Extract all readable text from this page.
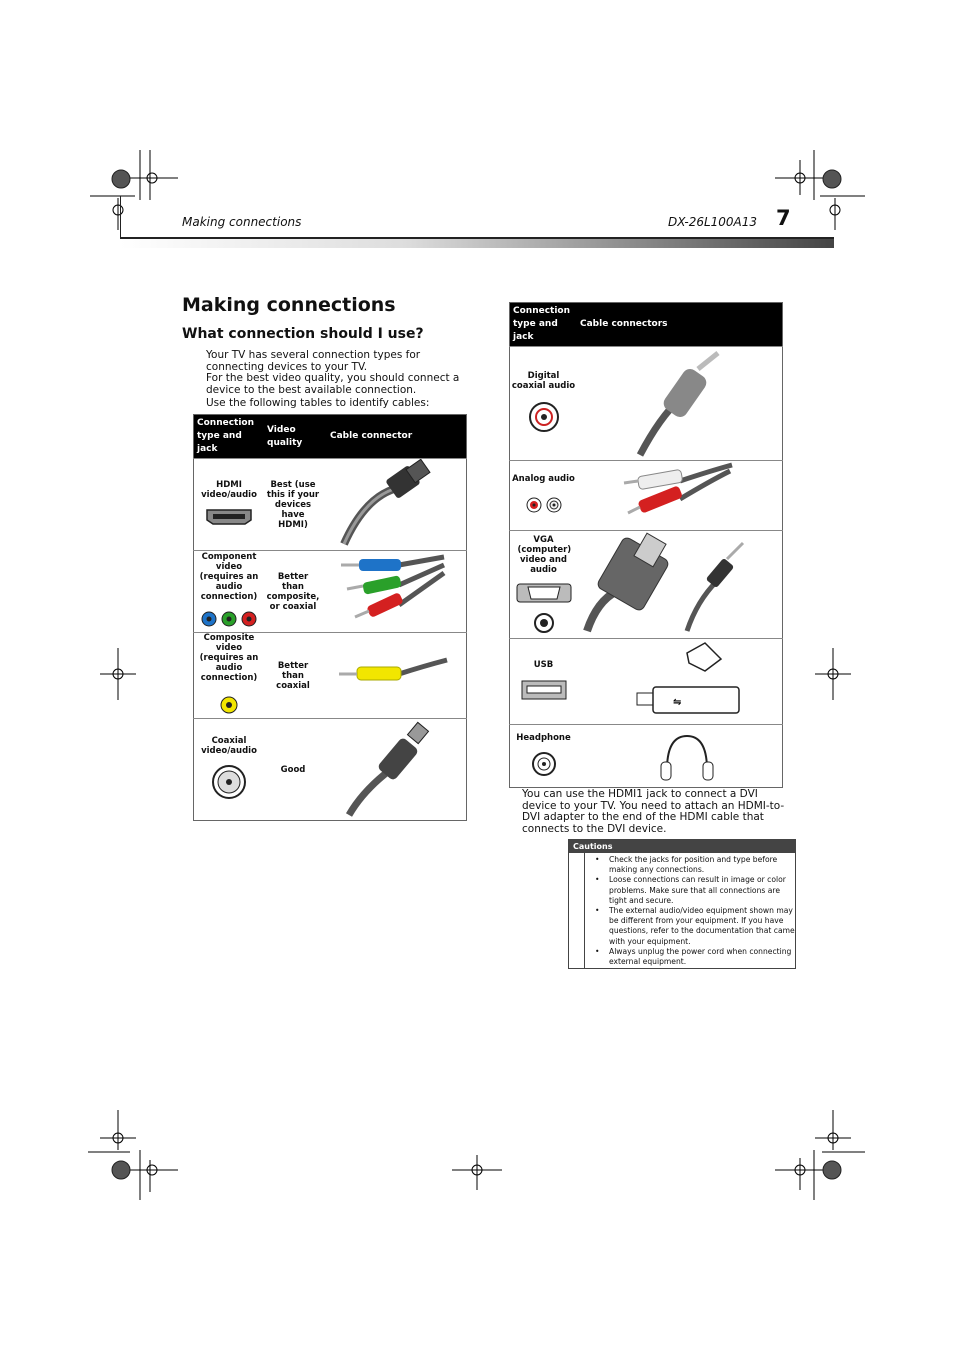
Making connections	DX-26L100A13 7
Making connections
What connection should I use?

Your TV has several connection types for connecting devices to your TV.

For the best video quality, you should connect a device to the best available connection.

Use the following tables to identify cables:

Connection type and jack	Video quality	Cable connector

HDMI video/audio	Best (use this if your devices have HDMI)	

Component video (requires an audio connection)	Better than composite, or coaxial	

Composite video (requires an audio connection)	Better than coaxial	

Coaxial video/audio	Good	
Connection type and jack	Cable connectors

Digital coaxial audio

Analog audio

VGA (computer) video and audio

USB	⇋

Headphone

You can use the HDMI1 jack to connect a DVI device to your TV. You need to attach an HDMI-to-DVI adapter to the end of the HDMI cable that connects to the DVI device.
Cautions
• Check the jacks for position and type before making any connections.
• Loose connections can result in image or color problems. Make sure that all connections are tight and secure.
• The external audio/video equipment shown may be different from your equipment. If you have questions, refer to the documentation that came with your equipment.
• Always unplug the power cord when connecting external equipment.
